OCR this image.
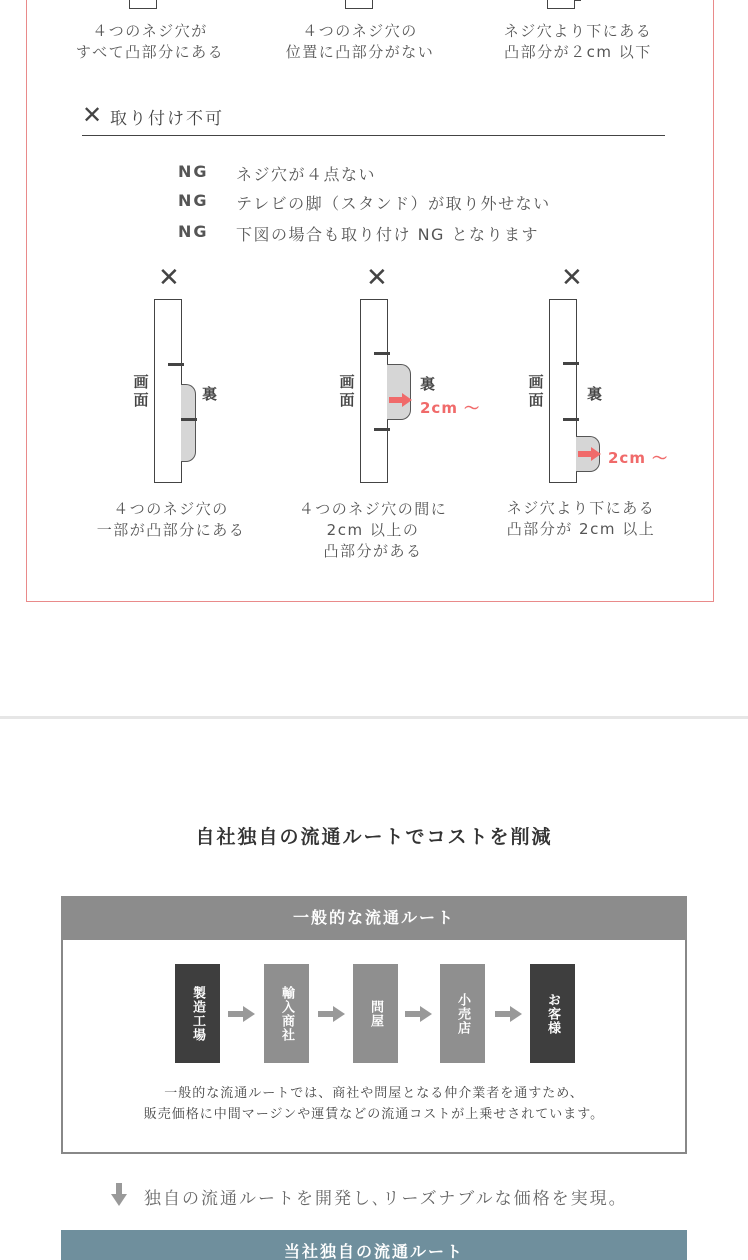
４つのネジ穴が
すべて凸部分にある
４つのネジ穴の
位置に凸部分がない
ネジ穴より下にある
凸部分が２cm 以下
✕ 取り付け不可
NG	ネジ穴が４点ない
NG	テレビの脚（スタンド）が取り外せない
NG	下図の場合も取り付け NG となります
✕
画
面	裏
４つのネジ穴の
一部が凸部分にある
✕
画
面
裏
2cm ～
４つのネジ穴の間に
2cm 以上の
凸部分がある
✕
画
面	裏
2cm ～
ネジ穴より下にある
凸部分が 2cm 以上
自社独自の流通ルートでコストを削減
一般的な流通ルート
製造工場	輸入商社	問屋	小売店	お客様
一般的な流通ルートでは、商社や問屋となる仲介業者を通すため、
販売価格に中間マージンや運賃などの流通コストが上乗せされています。
独自の流通ルートを開発し､リーズナブルな価格を実現。
当社独自の流通ルート
